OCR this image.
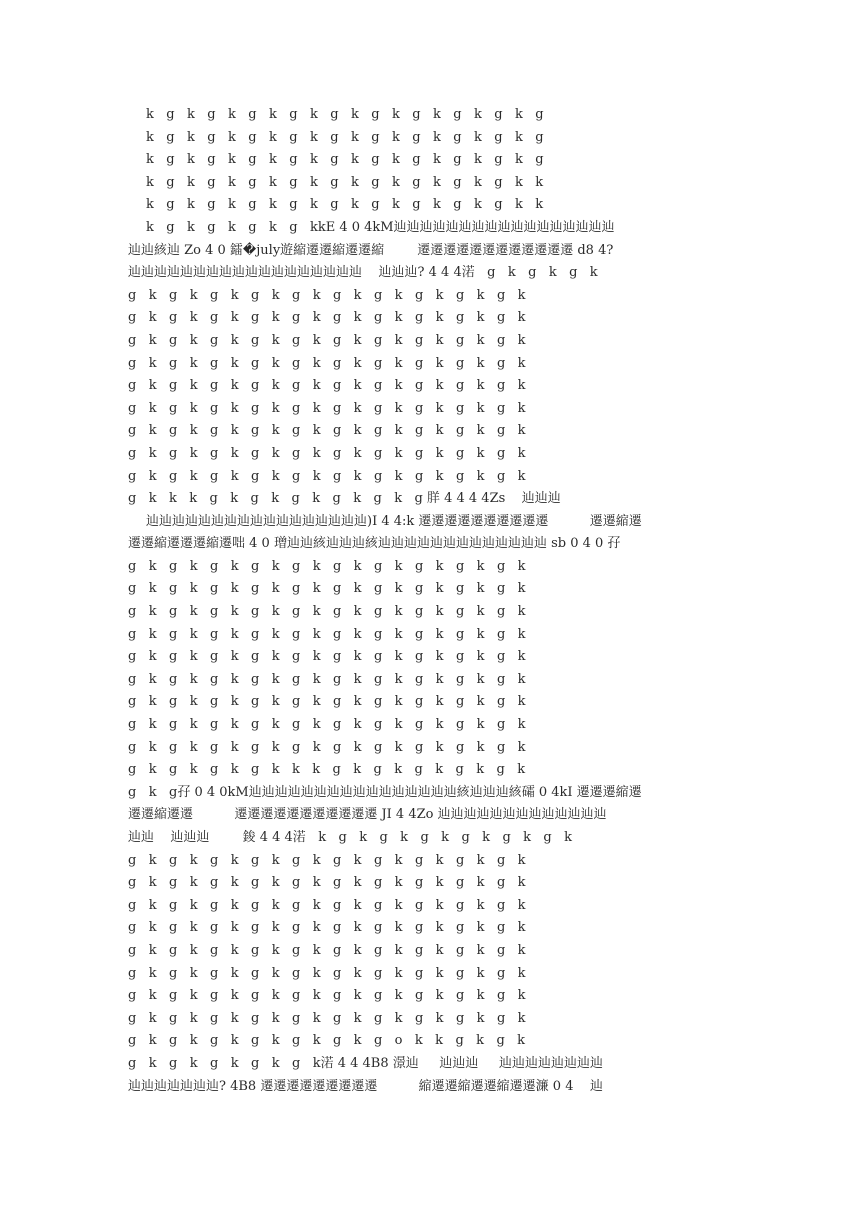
k   g   k   g   k   g   k   g   k   g   k   g   k   g   k   g   k   g   k   g
k   g   k   g   k   g   k   g   k   g   k   g   k   g   k   g   k   g   k   g
k   g   k   g   k   g   k   g   k   g   k   g   k   g   k   g   k   g   k   g
k   g   k   g   k   g   k   g   k   g   k   g   k   g   k   g   k   g   k   k
k   g   k   g   k   g   k   g   k   g   k   g   k   g   k   g   k   g   k   k
k   g   k   g   k   g   k   g   kkE 4 0 4kM辿辿辿辿辿辿辿辿辿辿辿辿辿辿辿辿辿
辿辿絯辿 Zo 4 0 鐳�july遊縮遷遷縮遷遷縮        遷遷遷遷遷遷遷遷遷遷遷遷 d8 4?
辿辿辿辿辿辿辿辿辿辿辿辿辿辿辿辿辿辿    辿辿辿? 4 4 4渃   g   k   g   k   g   k
g   k   g   k   g   k   g   k   g   k   g   k   g   k   g   k   g   k   g   k
g   k   g   k   g   k   g   k   g   k   g   k   g   k   g   k   g   k   g   k
g   k   g   k   g   k   g   k   g   k   g   k   g   k   g   k   g   k   g   k
g   k   g   k   g   k   g   k   g   k   g   k   g   k   g   k   g   k   g   k
g   k   g   k   g   k   g   k   g   k   g   k   g   k   g   k   g   k   g   k
g   k   g   k   g   k   g   k   g   k   g   k   g   k   g   k   g   k   g   k
g   k   g   k   g   k   g   k   g   k   g   k   g   k   g   k   g   k   g   k
g   k   g   k   g   k   g   k   g   k   g   k   g   k   g   k   g   k   g   k
g   k   g   k   g   k   g   k   g   k   g   k   g   k   g   k   g   k   g   k
g   k   k   k   g   k   g   k   g   k   g   k   g   k   g 羘 4 4 4 4Zs    辿辿辿
辿辿辿辿辿辿辿辿辿辿辿辿辿辿辿辿辿)I 4 4:k 遷遷遷遷遷遷遷遷遷遷          遷遷縮遷
遷遷縮遷遷遷縮遷咄 4 0 璔辿辿絯辿辿辿絯辿辿辿辿辿辿辿辿辿辿辿辿辿 sb 0 4 0 孖
g   k   g   k   g   k   g   k   g   k   g   k   g   k   g   k   g   k   g   k
g   k   g   k   g   k   g   k   g   k   g   k   g   k   g   k   g   k   g   k
g   k   g   k   g   k   g   k   g   k   g   k   g   k   g   k   g   k   g   k
g   k   g   k   g   k   g   k   g   k   g   k   g   k   g   k   g   k   g   k
g   k   g   k   g   k   g   k   g   k   g   k   g   k   g   k   g   k   g   k
g   k   g   k   g   k   g   k   g   k   g   k   g   k   g   k   g   k   g   k
g   k   g   k   g   k   g   k   g   k   g   k   g   k   g   k   g   k   g   k
g   k   g   k   g   k   g   k   g   k   g   k   g   k   g   k   g   k   g   k
g   k   g   k   g   k   g   k   g   k   g   k   g   k   g   k   g   k   g   k
g   k   g   k   g   k   g   k   k   k   g   k   g   k   g   k   g   k   g   k
g   k   g孖 0 4 0kM辿辿辿辿辿辿辿辿辿辿辿辿辿辿辿辿絯辿辿辿絯礵 0 4kI 遷遷遷縮遷
遷遷縮遷遷          遷遷遷遷遷遷遷遷遷遷遷 JI 4 4Zo 辿辿辿辿辿辿辿辿辿辿辿辿辿
辿辿    辿辿辿        鋑 4 4 4渃   k   g   k   g   k   g   k   g   k   g   k   g   k
g   k   g   k   g   k   g   k   g   k   g   k   g   k   g   k   g   k   g   k
g   k   g   k   g   k   g   k   g   k   g   k   g   k   g   k   g   k   g   k
g   k   g   k   g   k   g   k   g   k   g   k   g   k   g   k   g   k   g   k
g   k   g   k   g   k   g   k   g   k   g   k   g   k   g   k   g   k   g   k
g   k   g   k   g   k   g   k   g   k   g   k   g   k   g   k   g   k   g   k
g   k   g   k   g   k   g   k   g   k   g   k   g   k   g   k   g   k   g   k
g   k   g   k   g   k   g   k   g   k   g   k   g   k   g   k   g   k   g   k
g   k   g   k   g   k   g   k   g   k   g   k   g   k   g   k   g   k   g   k
g   k   g   k   g   k   g   k   g   k   g   k   g   o   k   k   g   k   g   k
g   k   g   k   g   k   g   k   g   k渃 4 4 4B8 澋辿     辿辿辿     辿辿辿辿辿辿辿辿
辿辿辿辿辿辿辿? 4B8 遷遷遷遷遷遷遷遷遷          縮遷遷縮遷遷縮遷遷濂 0 4    辿
